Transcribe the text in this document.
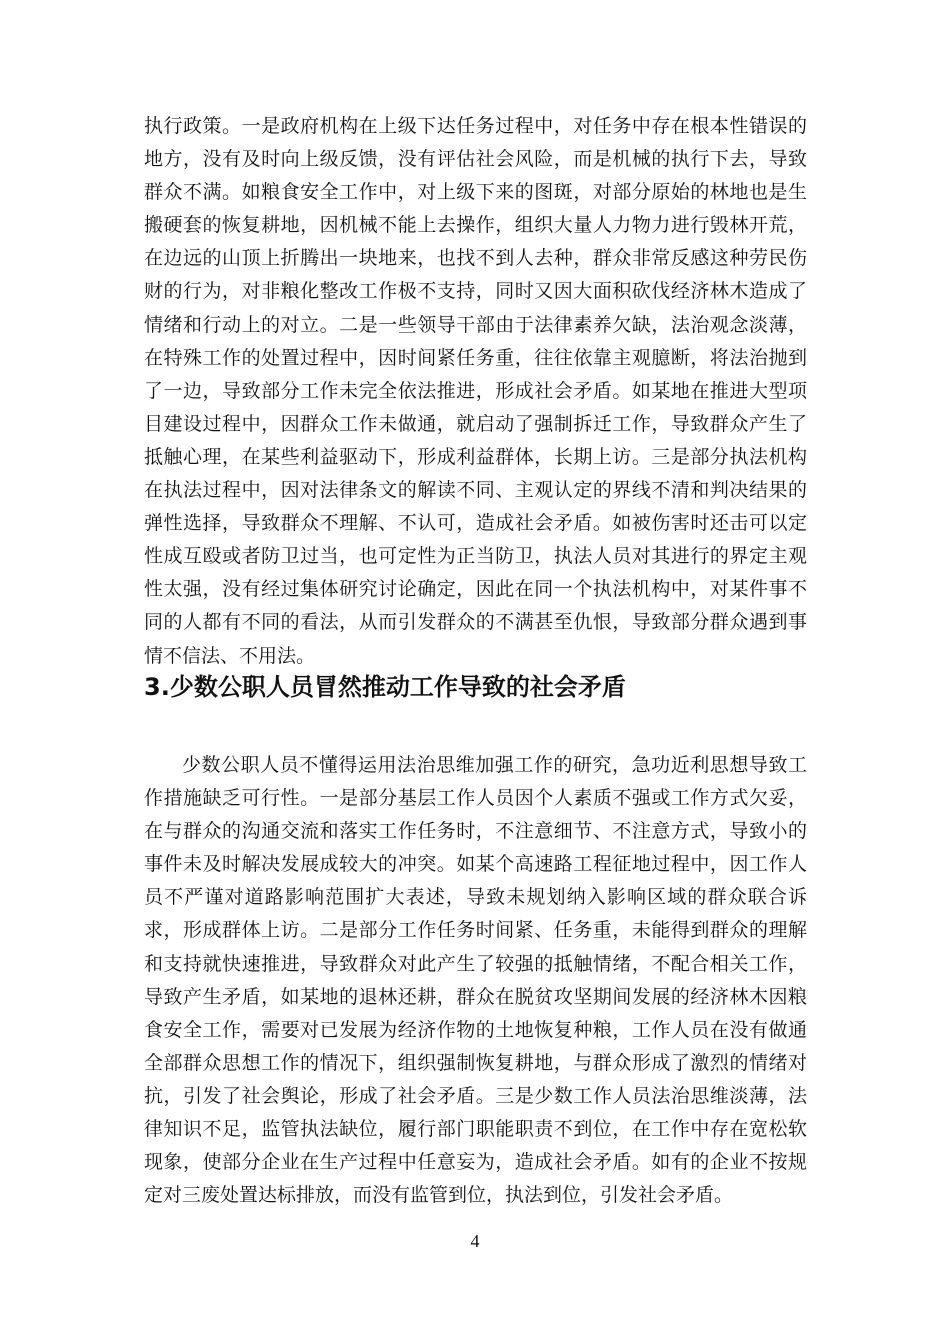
执行政策。一是政府机构在上级下达任务过程中，对任务中存在根本性错误的地方，没有及时向上级反馈，没有评估社会风险，而是机械的执行下去，导致群众不满。如粮食安全工作中，对上级下来的图斑，对部分原始的林地也是生搬硬套的恢复耕地，因机械不能上去操作，组织大量人力物力进行毁林开荒，在边远的山顶上折腾出一块地来，也找不到人去种，群众非常反感这种劳民伤财的行为，对非粮化整改工作极不支持，同时又因大面积砍伐经济林木造成了情绪和行动上的对立。二是一些领导干部由于法律素养欠缺，法治观念淡薄，在特殊工作的处置过程中，因时间紧任务重，往往依靠主观臆断，将法治抛到了一边，导致部分工作未完全依法推进，形成社会矛盾。如某地在推进大型项目建设过程中，因群众工作未做通，就启动了强制拆迁工作，导致群众产生了抵触心理，在某些利益驱动下，形成利益群体，长期上访。三是部分执法机构在执法过程中，因对法律条文的解读不同、主观认定的界线不清和判决结果的弹性选择，导致群众不理解、不认可，造成社会矛盾。如被伤害时还击可以定性成互殴或者防卫过当，也可定性为正当防卫，执法人员对其进行的界定主观性太强，没有经过集体研究讨论确定，因此在同一个执法机构中，对某件事不同的人都有不同的看法，从而引发群众的不满甚至仇恨，导致部分群众遇到事情不信法、不用法。

3.少数公职人员冒然推动工作导致的社会矛盾

少数公职人员不懂得运用法治思维加强工作的研究，急功近利思想导致工作措施缺乏可行性。一是部分基层工作人员因个人素质不强或工作方式欠妥，在与群众的沟通交流和落实工作任务时，不注意细节、不注意方式，导致小的事件未及时解决发展成较大的冲突。如某个高速路工程征地过程中，因工作人员不严谨对道路影响范围扩大表述，导致未规划纳入影响区域的群众联合诉求，形成群体上访。二是部分工作任务时间紧、任务重，未能得到群众的理解和支持就快速推进，导致群众对此产生了较强的抵触情绪，不配合相关工作，导致产生矛盾，如某地的退林还耕，群众在脱贫攻坚期间发展的经济林木因粮食安全工作，需要对已发展为经济作物的土地恢复种粮，工作人员在没有做通全部群众思想工作的情况下，组织强制恢复耕地，与群众形成了激烈的情绪对抗，引发了社会舆论，形成了社会矛盾。三是少数工作人员法治思维淡薄，法律知识不足，监管执法缺位，履行部门职能职责不到位，在工作中存在宽松软现象，使部分企业在生产过程中任意妄为，造成社会矛盾。如有的企业不按规定对三废处置达标排放，而没有监管到位，执法到位，引发社会矛盾。

4
